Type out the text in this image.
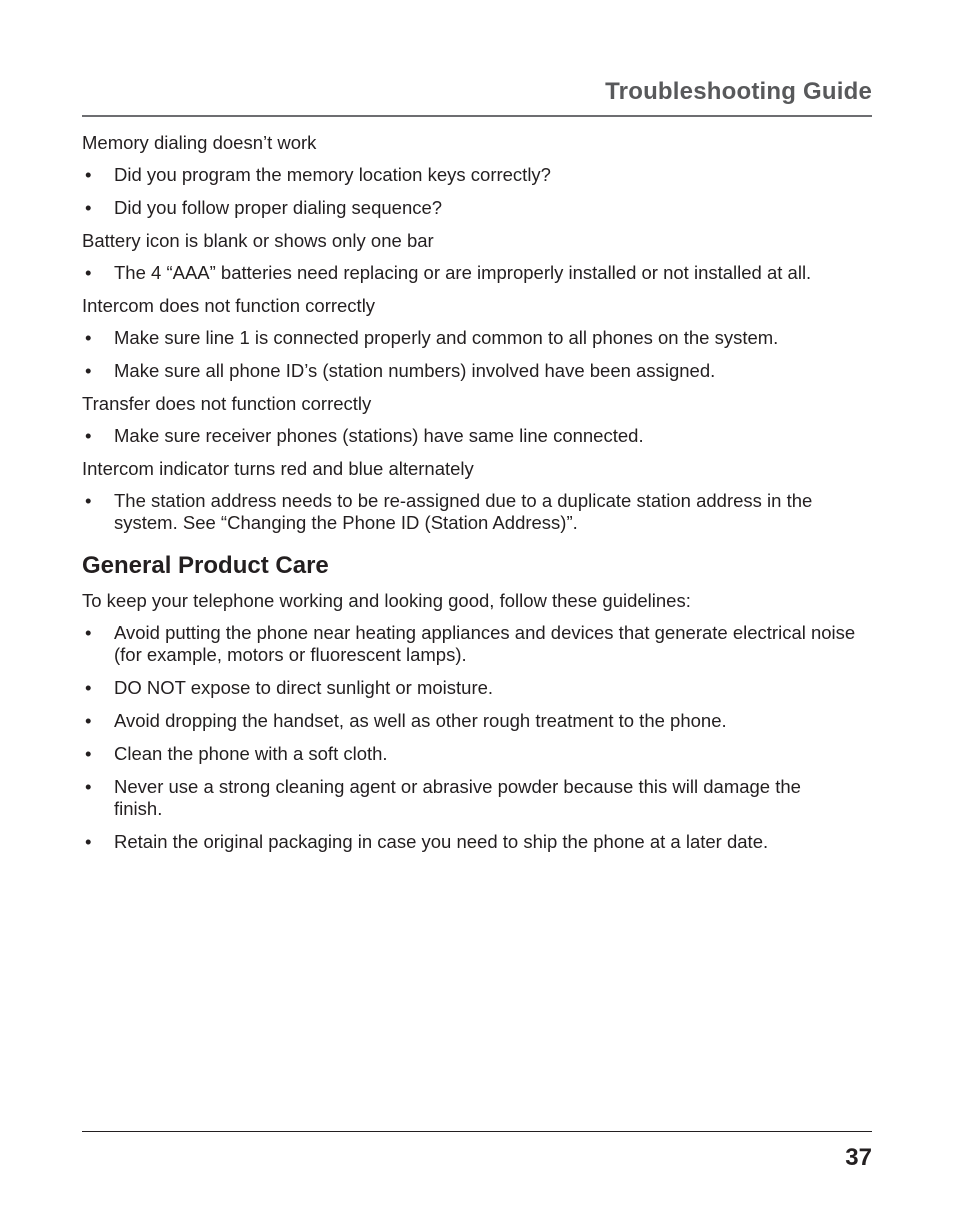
Troubleshooting Guide

Memory dialing doesn’t work

• Did you program the memory location keys correctly?
• Did you follow proper dialing sequence?

Battery icon is blank or shows only one bar

• The 4 “AAA” batteries need replacing or are improperly installed or not installed at all.

Intercom does not function correctly

• Make sure line 1 is connected properly and common to all phones on the system.
• Make sure all phone ID’s (station numbers) involved have been assigned.

Transfer does not function correctly

• Make sure receiver phones (stations) have same line connected.

Intercom indicator turns red and blue alternately

• The station address needs to be re-assigned due to a duplicate station address in the system. See “Changing the Phone ID (Station Address)”.
General Product Care

To keep your telephone working and looking good, follow these guidelines:

• Avoid putting the phone near heating appliances and devices that generate electrical noise (for example, motors or fluorescent lamps).
• DO NOT expose to direct sunlight or moisture.
• Avoid dropping the handset, as well as other rough treatment to the phone.
• Clean the phone with a soft cloth.
• Never use a strong cleaning agent or abrasive powder because this will damage the finish.
• Retain the original packaging in case you need to ship the phone at a later date.
37
